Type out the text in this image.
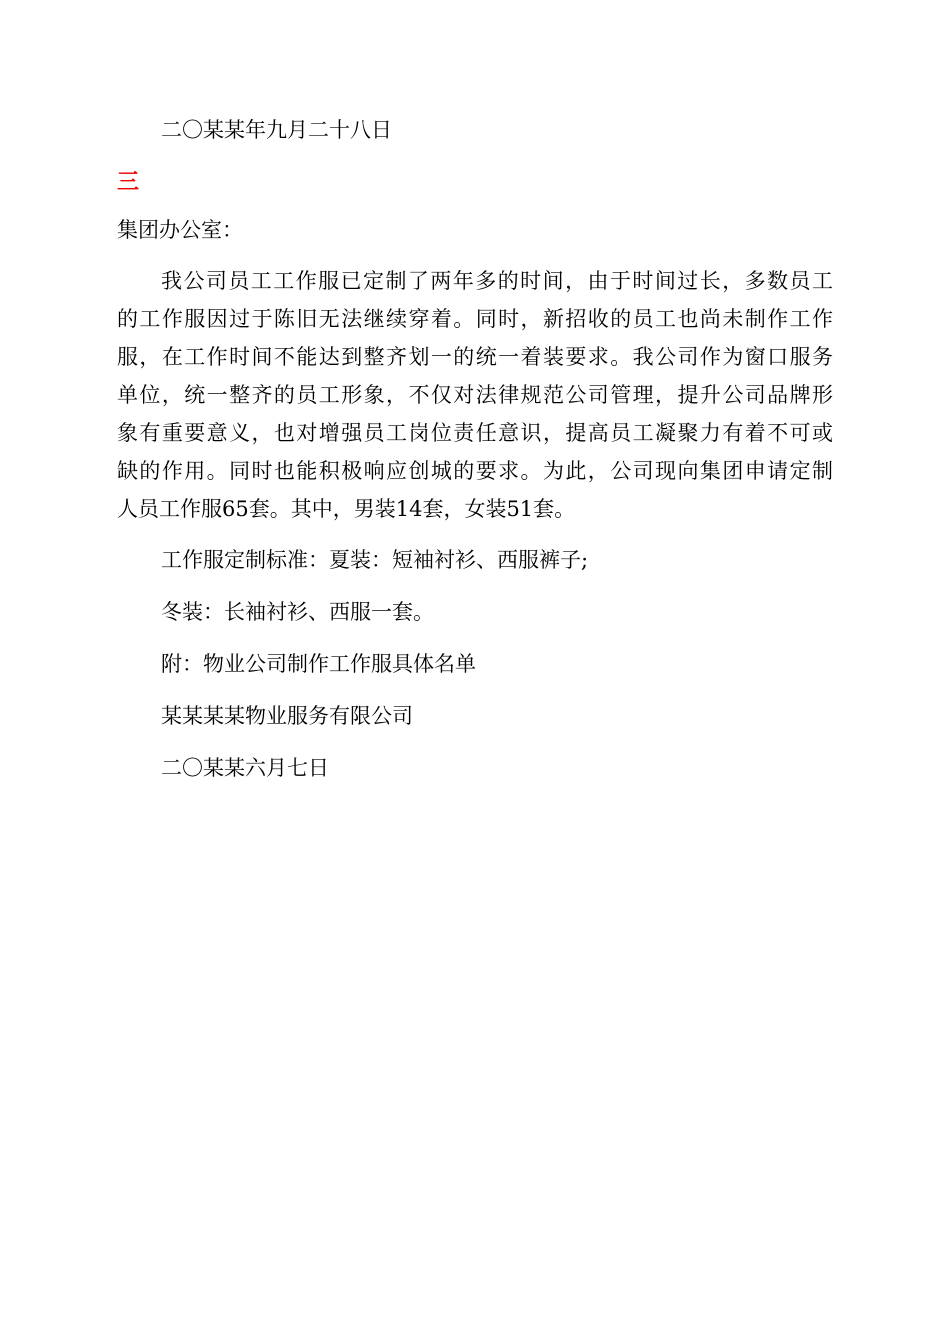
二〇某某年九月二十八日
三
集团办公室：
我公司员工工作服已定制了两年多的时间，由于时间过长，多数员工
的工作服因过于陈旧无法继续穿着。同时，新招收的员工也尚未制作工作
服，在工作时间不能达到整齐划一的统一着装要求。我公司作为窗口服务
单位，统一整齐的员工形象，不仅对法律规范公司管理，提升公司品牌形
象有重要意义，也对增强员工岗位责任意识，提高员工凝聚力有着不可或
缺的作用。同时也能积极响应创城的要求。为此，公司现向集团申请定制
人员工作服65套。其中，男装14套，女装51套。
工作服定制标准：夏装：短袖衬衫、西服裤子;
冬装：长袖衬衫、西服一套。
附：物业公司制作工作服具体名单
某某某某物业服务有限公司
二〇某某六月七日
